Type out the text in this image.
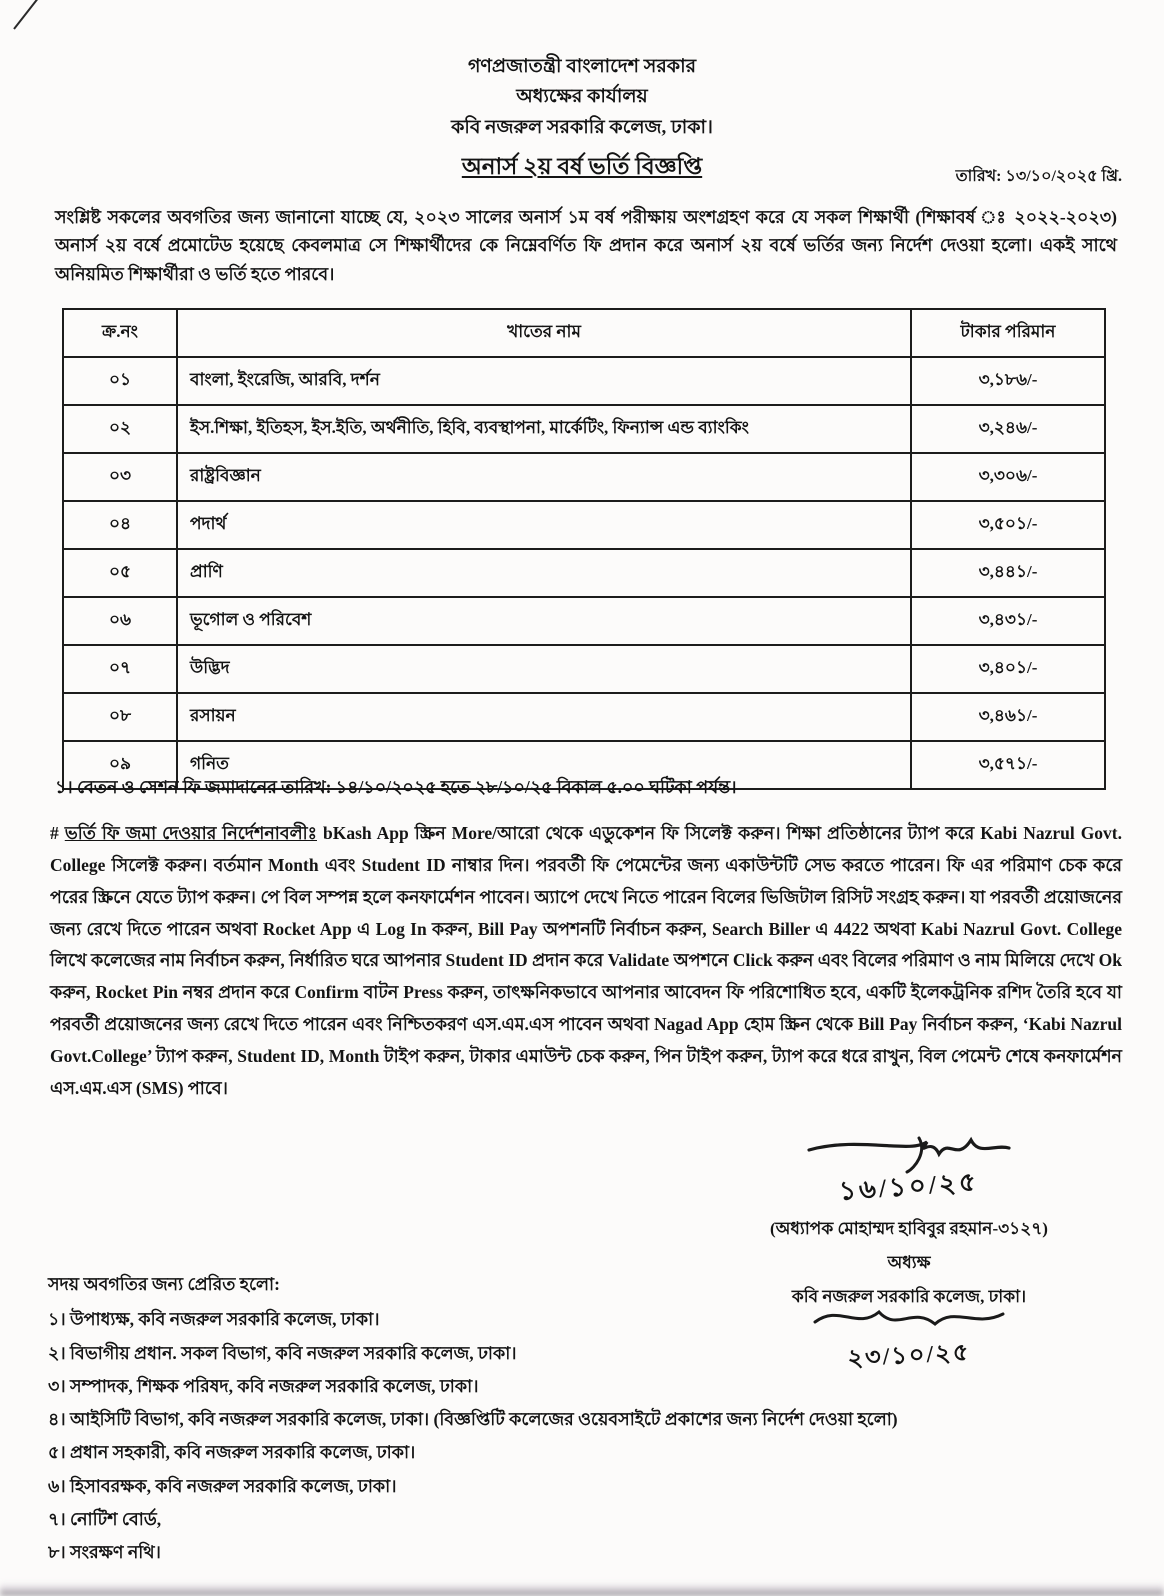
গণপ্রজাতন্ত্রী বাংলাদেশ সরকার
অধ্যক্ষের কার্যালয়
কবি নজরুল সরকারি কলেজ, ঢাকা।
অনার্স ২য় বর্ষ ভর্তি বিজ্ঞপ্তি	তারিখ: ১৩/১০/২০২৫ খ্রি.
সংশ্লিষ্ট সকলের অবগতির জন্য জানানো যাচ্ছে যে, ২০২৩ সালের অনার্স ১ম বর্ষ পরীক্ষায় অংশগ্রহণ করে যে সকল শিক্ষার্থী (শিক্ষাবর্ষ ঃ ২০২২-২০২৩) অনার্স ২য় বর্ষে প্রমোটেড হয়েছে কেবলমাত্র সে শিক্ষার্থীদের কে নিম্নেবর্ণিত ফি প্রদান করে অনার্স ২য় বর্ষে ভর্তির জন্য নির্দেশ দেওয়া হলো। একই সাথে অনিয়মিত শিক্ষার্থীরা ও ভর্তি হতে পারবে।
ক্র.নং	খাতের নাম	টাকার পরিমান
০১	বাংলা, ইংরেজি, আরবি, দর্শন	৩,১৮৬/-
০২	ইস.শিক্ষা, ইতিহস, ইস.ইতি, অর্থনীতি, হিবি, ব্যবস্থাপনা, মার্কেটিং, ফিন্যান্স এন্ড ব্যাংকিং	৩,২৪৬/-
০৩	রাষ্ট্রবিজ্ঞান	৩,৩০৬/-
০৪	পদার্থ	৩,৫০১/-
০৫	প্রাণি	৩,৪৪১/-
০৬	ভূগোল ও পরিবেশ	৩,৪৩১/-
০৭	উদ্ভিদ	৩,৪০১/-
০৮	রসায়ন	৩,৪৬১/-
০৯	গনিত	৩,৫৭১/-
১। বেতন ও সেশন ফি জমাদানের তারিখ: ১৪/১০/২০২৫ হতে ২৮/১০/২৫ বিকাল ৫.০০ ঘটিকা পর্যন্ত।
# ভর্তি ফি জমা দেওয়ার নির্দেশনাবলীঃ bKash App স্ক্রিন More/আরো থেকে এডুকেশন ফি সিলেক্ট করুন। শিক্ষা প্রতিষ্ঠানের ট্যাপ করে Kabi Nazrul Govt. College সিলেক্ট করুন। বর্তমান Month এবং Student ID নাম্বার দিন। পরবর্তী ফি পেমেন্টের জন্য একাউন্টটি সেভ করতে পারেন। ফি এর পরিমাণ চেক করে পরের স্ক্রিনে যেতে ট্যাপ করুন। পে বিল সম্পন্ন হলে কনফার্মেশন পাবেন। অ্যাপে দেখে নিতে পারেন বিলের ভিজিটাল রিসিট সংগ্রহ করুন। যা পরবর্তী প্রয়োজনের জন্য রেখে দিতে পারেন অথবা Rocket App এ Log In করুন, Bill Pay অপশনটি নির্বাচন করুন, Search Biller এ 4422 অথবা Kabi Nazrul Govt. College লিখে কলেজের নাম নির্বাচন করুন, নির্ধারিত ঘরে আপনার Student ID প্রদান করে Validate অপশনে Click করুন এবং বিলের পরিমাণ ও নাম মিলিয়ে দেখে Ok করুন, Rocket Pin নম্বর প্রদান করে Confirm বাটন Press করুন, তাৎক্ষনিকভাবে আপনার আবেদন ফি পরিশোধিত হবে, একটি ইলেকট্রনিক রশিদ তৈরি হবে যা পরবর্তী প্রয়োজনের জন্য রেখে দিতে পারেন এবং নিশ্চিতকরণ এস.এম.এস পাবেন অথবা Nagad App হোম স্ক্রিন থেকে Bill Pay নির্বাচন করুন, ‘Kabi Nazrul Govt.College’ ট্যাপ করুন, Student ID, Month টাইপ করুন, টাকার এমাউন্ট চেক করুন, পিন টাইপ করুন, ট্যাপ করে ধরে রাখুন, বিল পেমেন্ট শেষে কনফার্মেশন এস.এম.এস (SMS) পাবে।
১৬/১০/২৫
(অধ্যাপক মোহাম্মদ হাবিবুর রহমান-৩১২৭)
অধ্যক্ষ
কবি নজরুল সরকারি কলেজ, ঢাকা।
২৩/১০/২৫
সদয় অবগতির জন্য প্রেরিত হলো:
১। উপাধ্যক্ষ, কবি নজরুল সরকারি কলেজ, ঢাকা।
২। বিভাগীয় প্রধান. সকল বিভাগ, কবি নজরুল সরকারি কলেজ, ঢাকা।
৩। সম্পাদক, শিক্ষক পরিষদ, কবি নজরুল সরকারি কলেজ, ঢাকা।
৪। আইসিটি বিভাগ, কবি নজরুল সরকারি কলেজ, ঢাকা। (বিজ্ঞপ্তিটি কলেজের ওয়েবসাইটে প্রকাশের জন্য নির্দেশ দেওয়া হলো)
৫। প্রধান সহকারী, কবি নজরুল সরকারি কলেজ, ঢাকা।
৬। হিসাবরক্ষক, কবি নজরুল সরকারি কলেজ, ঢাকা।
৭। নোটিশ বোর্ড,
৮। সংরক্ষণ নথি।
